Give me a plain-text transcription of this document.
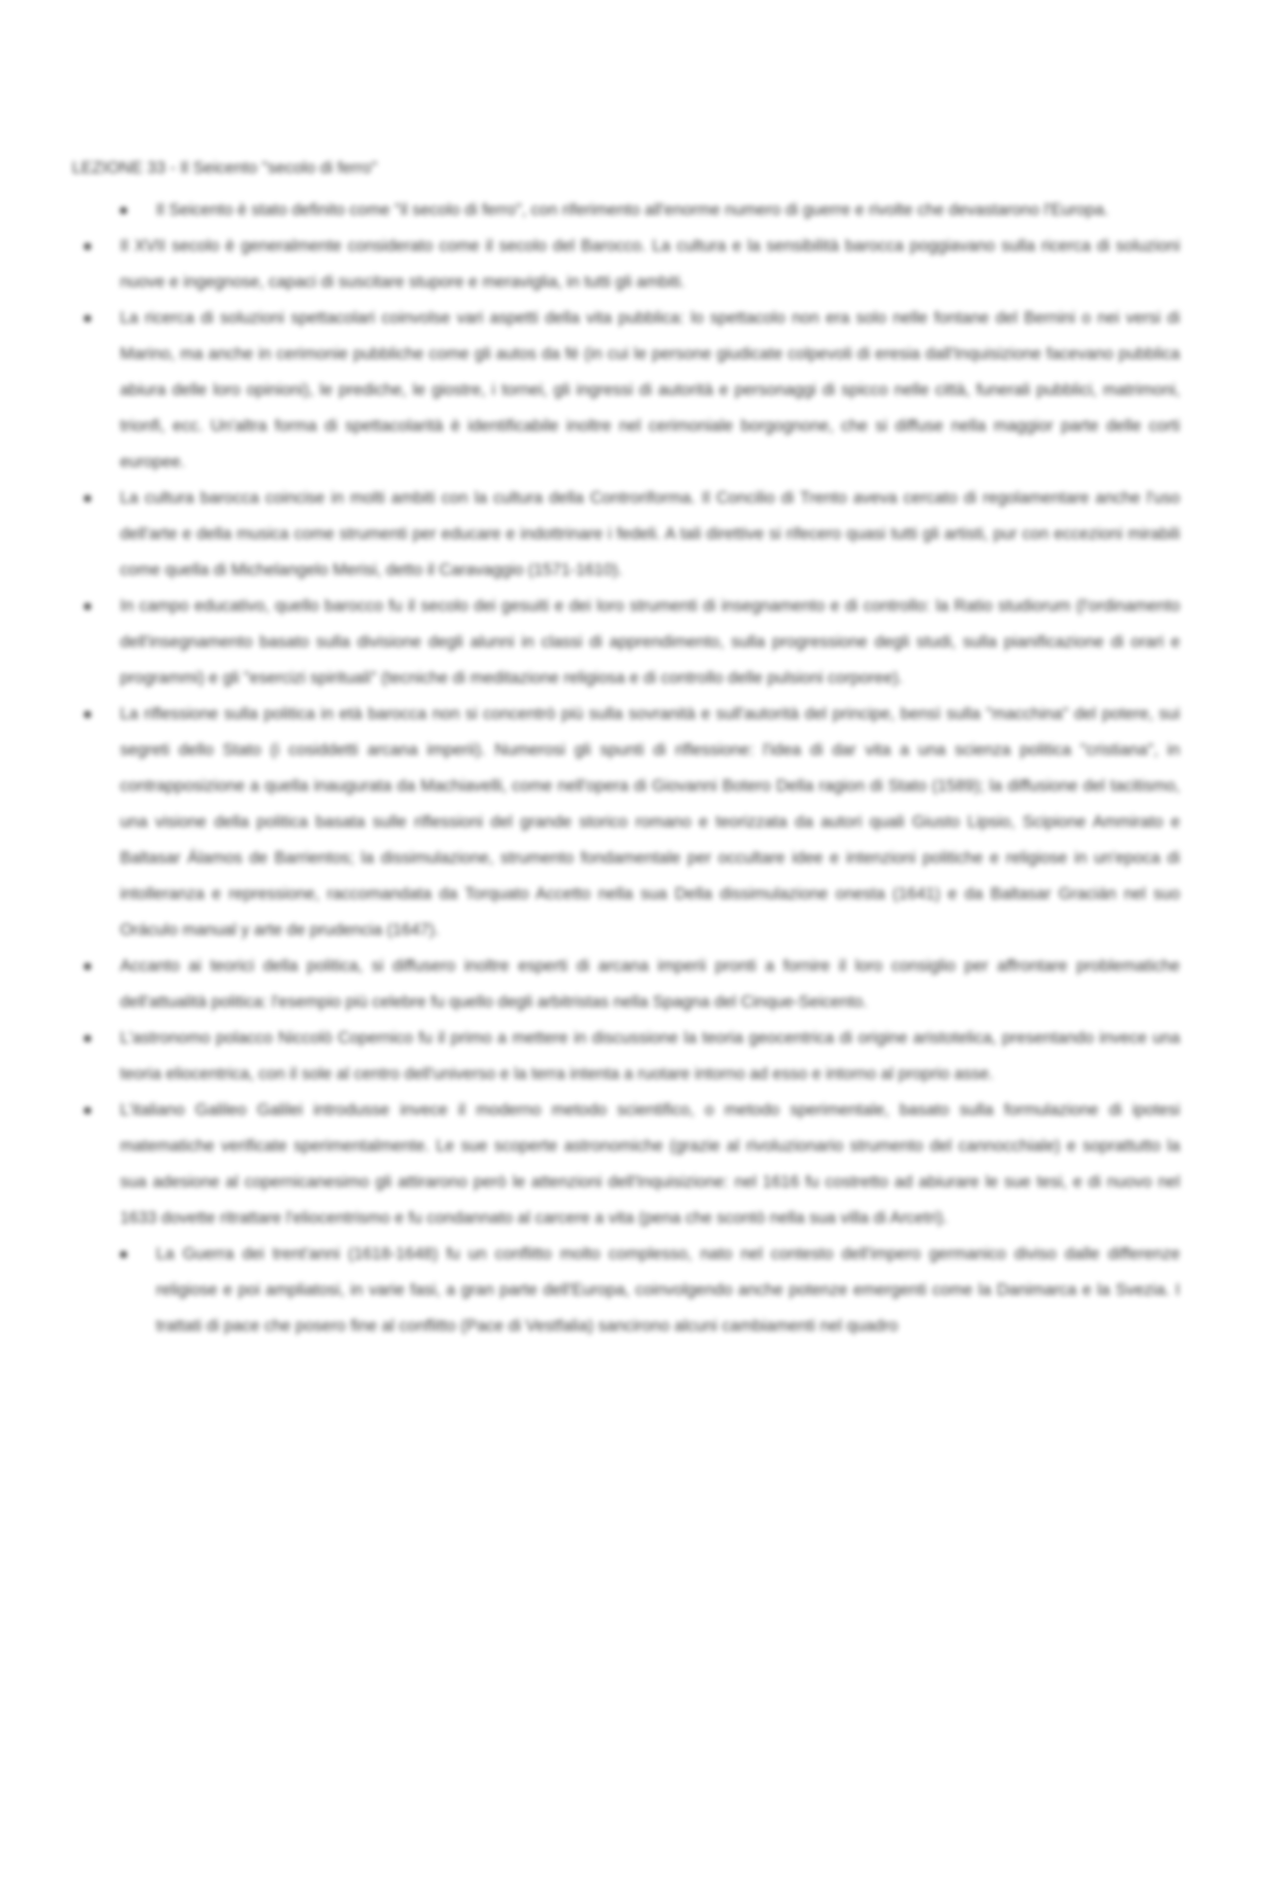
LEZIONE 33 - Il Seicento "secolo di ferro"

Il Seicento è stato definito come "il secolo di ferro", con riferimento all'enorme numero di guerre e rivolte che devastarono l'Europa.
Il XVII secolo è generalmente considerato come il secolo del Barocco. La cultura e la sensibilità barocca poggiavano sulla ricerca di soluzioni nuove e ingegnose, capaci di suscitare stupore e meraviglia, in tutti gli ambiti.
La ricerca di soluzioni spettacolari coinvolse vari aspetti della vita pubblica: lo spettacolo non era solo nelle fontane del Bernini o nei versi di Marino, ma anche in cerimonie pubbliche come gli autos da fé (in cui le persone giudicate colpevoli di eresia dall'Inquisizione facevano pubblica abiura delle loro opinioni), le prediche, le giostre, i tornei, gli ingressi di autorità e personaggi di spicco nelle città, funerali pubblici, matrimoni, trionfi, ecc. Un'altra forma di spettacolarità è identificabile inoltre nel cerimoniale borgognone, che si diffuse nella maggior parte delle corti europee.
La cultura barocca coincise in molti ambiti con la cultura della Controriforma. Il Concilio di Trento aveva cercato di regolamentare anche l'uso dell'arte e della musica come strumenti per educare e indottrinare i fedeli. A tali direttive si rifecero quasi tutti gli artisti, pur con eccezioni mirabili come quella di Michelangelo Merisi, detto il Caravaggio (1571-1610).
In campo educativo, quello barocco fu il secolo dei gesuiti e dei loro strumenti di insegnamento e di controllo: la Ratio studiorum (l'ordinamento dell'insegnamento basato sulla divisione degli alunni in classi di apprendimento, sulla progressione degli studi, sulla pianificazione di orari e programmi) e gli "esercizi spirituali" (tecniche di meditazione religiosa e di controllo delle pulsioni corporee).
La riflessione sulla politica in età barocca non si concentrò più sulla sovranità e sull'autorità del principe, bensì sulla "macchina" del potere, sui segreti dello Stato (i cosiddetti arcana imperii). Numerosi gli spunti di riflessione: l'idea di dar vita a una scienza politica "cristiana", in contrapposizione a quella inaugurata da Machiavelli, come nell'opera di Giovanni Botero Della ragion di Stato (1589); la diffusione del tacitismo, una visione della politica basata sulle riflessioni del grande storico romano e teorizzata da autori quali Giusto Lipsio, Scipione Ammirato e Baltasar Álamos de Barrientos; la dissimulazione, strumento fondamentale per occultare idee e intenzioni politiche e religiose in un'epoca di intolleranza e repressione, raccomandata da Torquato Accetto nella sua Della dissimulazione onesta (1641) e da Baltasar Gracián nel suo Oráculo manual y arte de prudencia (1647).
Accanto ai teorici della politica, si diffusero inoltre esperti di arcana imperii pronti a fornire il loro consiglio per affrontare problematiche dell'attualità politica: l'esempio più celebre fu quello degli arbitristas nella Spagna del Cinque-Seicento.
L'astronomo polacco Niccolò Copernico fu il primo a mettere in discussione la teoria geocentrica di origine aristotelica, presentando invece una teoria eliocentrica, con il sole al centro dell'universo e la terra intenta a ruotare intorno ad esso e intorno al proprio asse.
L'italiano Galileo Galilei introdusse invece il moderno metodo scientifico, o metodo sperimentale, basato sulla formulazione di ipotesi matematiche verificate sperimentalmente. Le sue scoperte astronomiche (grazie al rivoluzionario strumento del cannocchiale) e soprattutto la sua adesione al copernicanesimo gli attirarono però le attenzioni dell'Inquisizione: nel 1616 fu costretto ad abiurare le sue tesi, e di nuovo nel 1633 dovette ritrattare l'eliocentrismo e fu condannato al carcere a vita (pena che scontò nella sua villa di Arcetri).
La Guerra dei trent'anni (1618-1648) fu un conflitto molto complesso, nato nel contesto dell'impero germanico diviso dalle differenze religiose e poi ampliatosi, in varie fasi, a gran parte dell'Europa, coinvolgendo anche potenze emergenti come la Danimarca e la Svezia. I trattati di pace che posero fine al conflitto (Pace di Vestfalia) sancirono alcuni cambiamenti nel quadro
